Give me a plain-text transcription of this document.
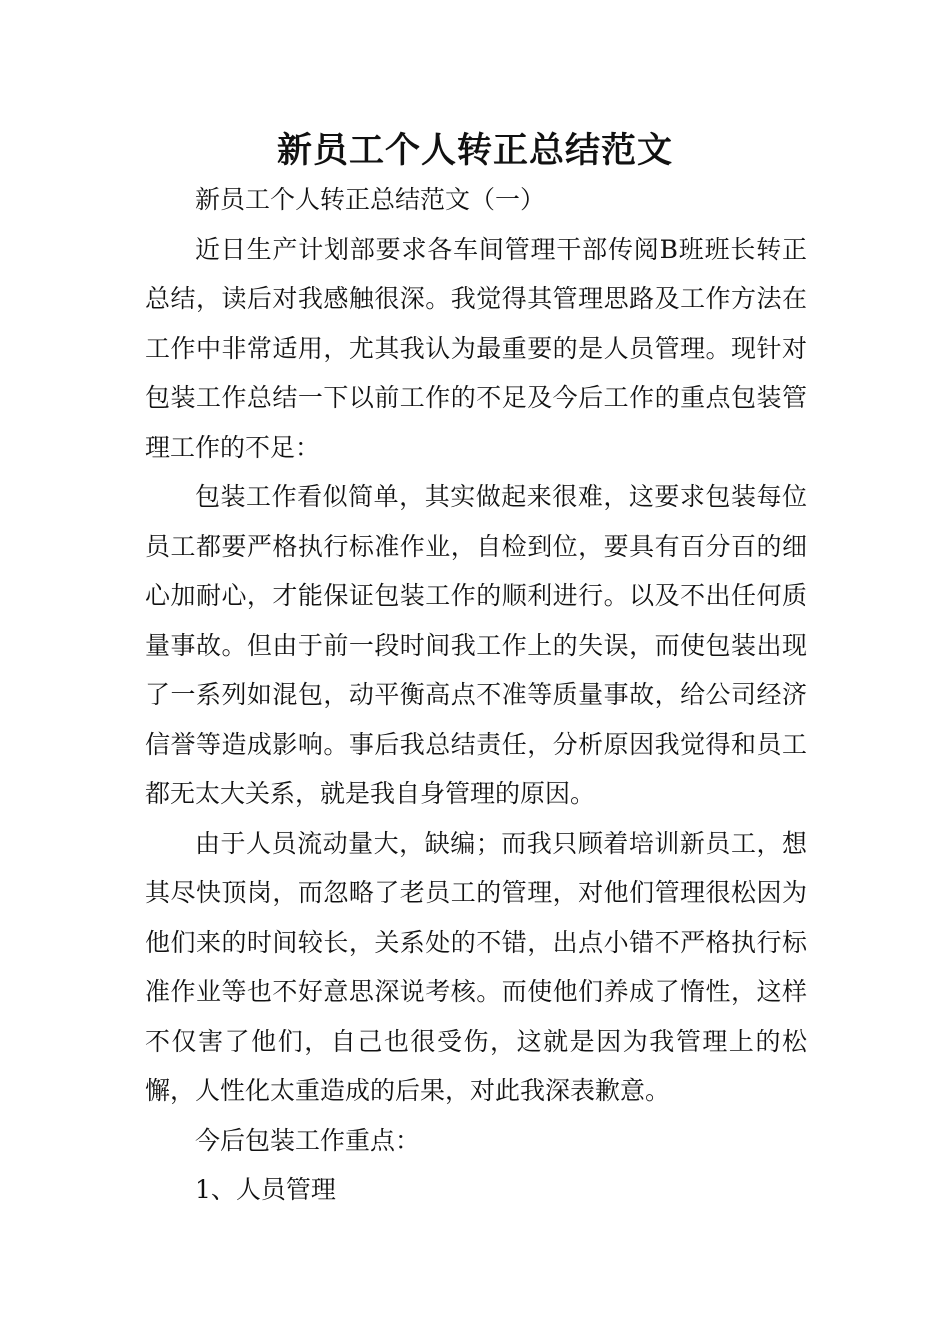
新员工个人转正总结范文

新员工个人转正总结范文（一）

近日生产计划部要求各车间管理干部传阅B班班长转正总结，读后对我感触很深。我觉得其管理思路及工作方法在工作中非常适用，尤其我认为最重要的是人员管理。现针对包装工作总结一下以前工作的不足及今后工作的重点包装管理工作的不足：

包装工作看似简单，其实做起来很难，这要求包装每位员工都要严格执行标准作业，自检到位，要具有百分百的细心加耐心，才能保证包装工作的顺利进行。以及不出任何质量事故。但由于前一段时间我工作上的失误，而使包装出现了一系列如混包，动平衡高点不准等质量事故，给公司经济信誉等造成影响。事后我总结责任，分析原因我觉得和员工都无太大关系，就是我自身管理的原因。

由于人员流动量大，缺编；而我只顾着培训新员工，想其尽快顶岗，而忽略了老员工的管理，对他们管理很松因为他们来的时间较长，关系处的不错，出点小错不严格执行标准作业等也不好意思深说考核。而使他们养成了惰性，这样不仅害了他们，自己也很受伤，这就是因为我管理上的松懈，人性化太重造成的后果，对此我深表歉意。

今后包装工作重点：

1、人员管理
